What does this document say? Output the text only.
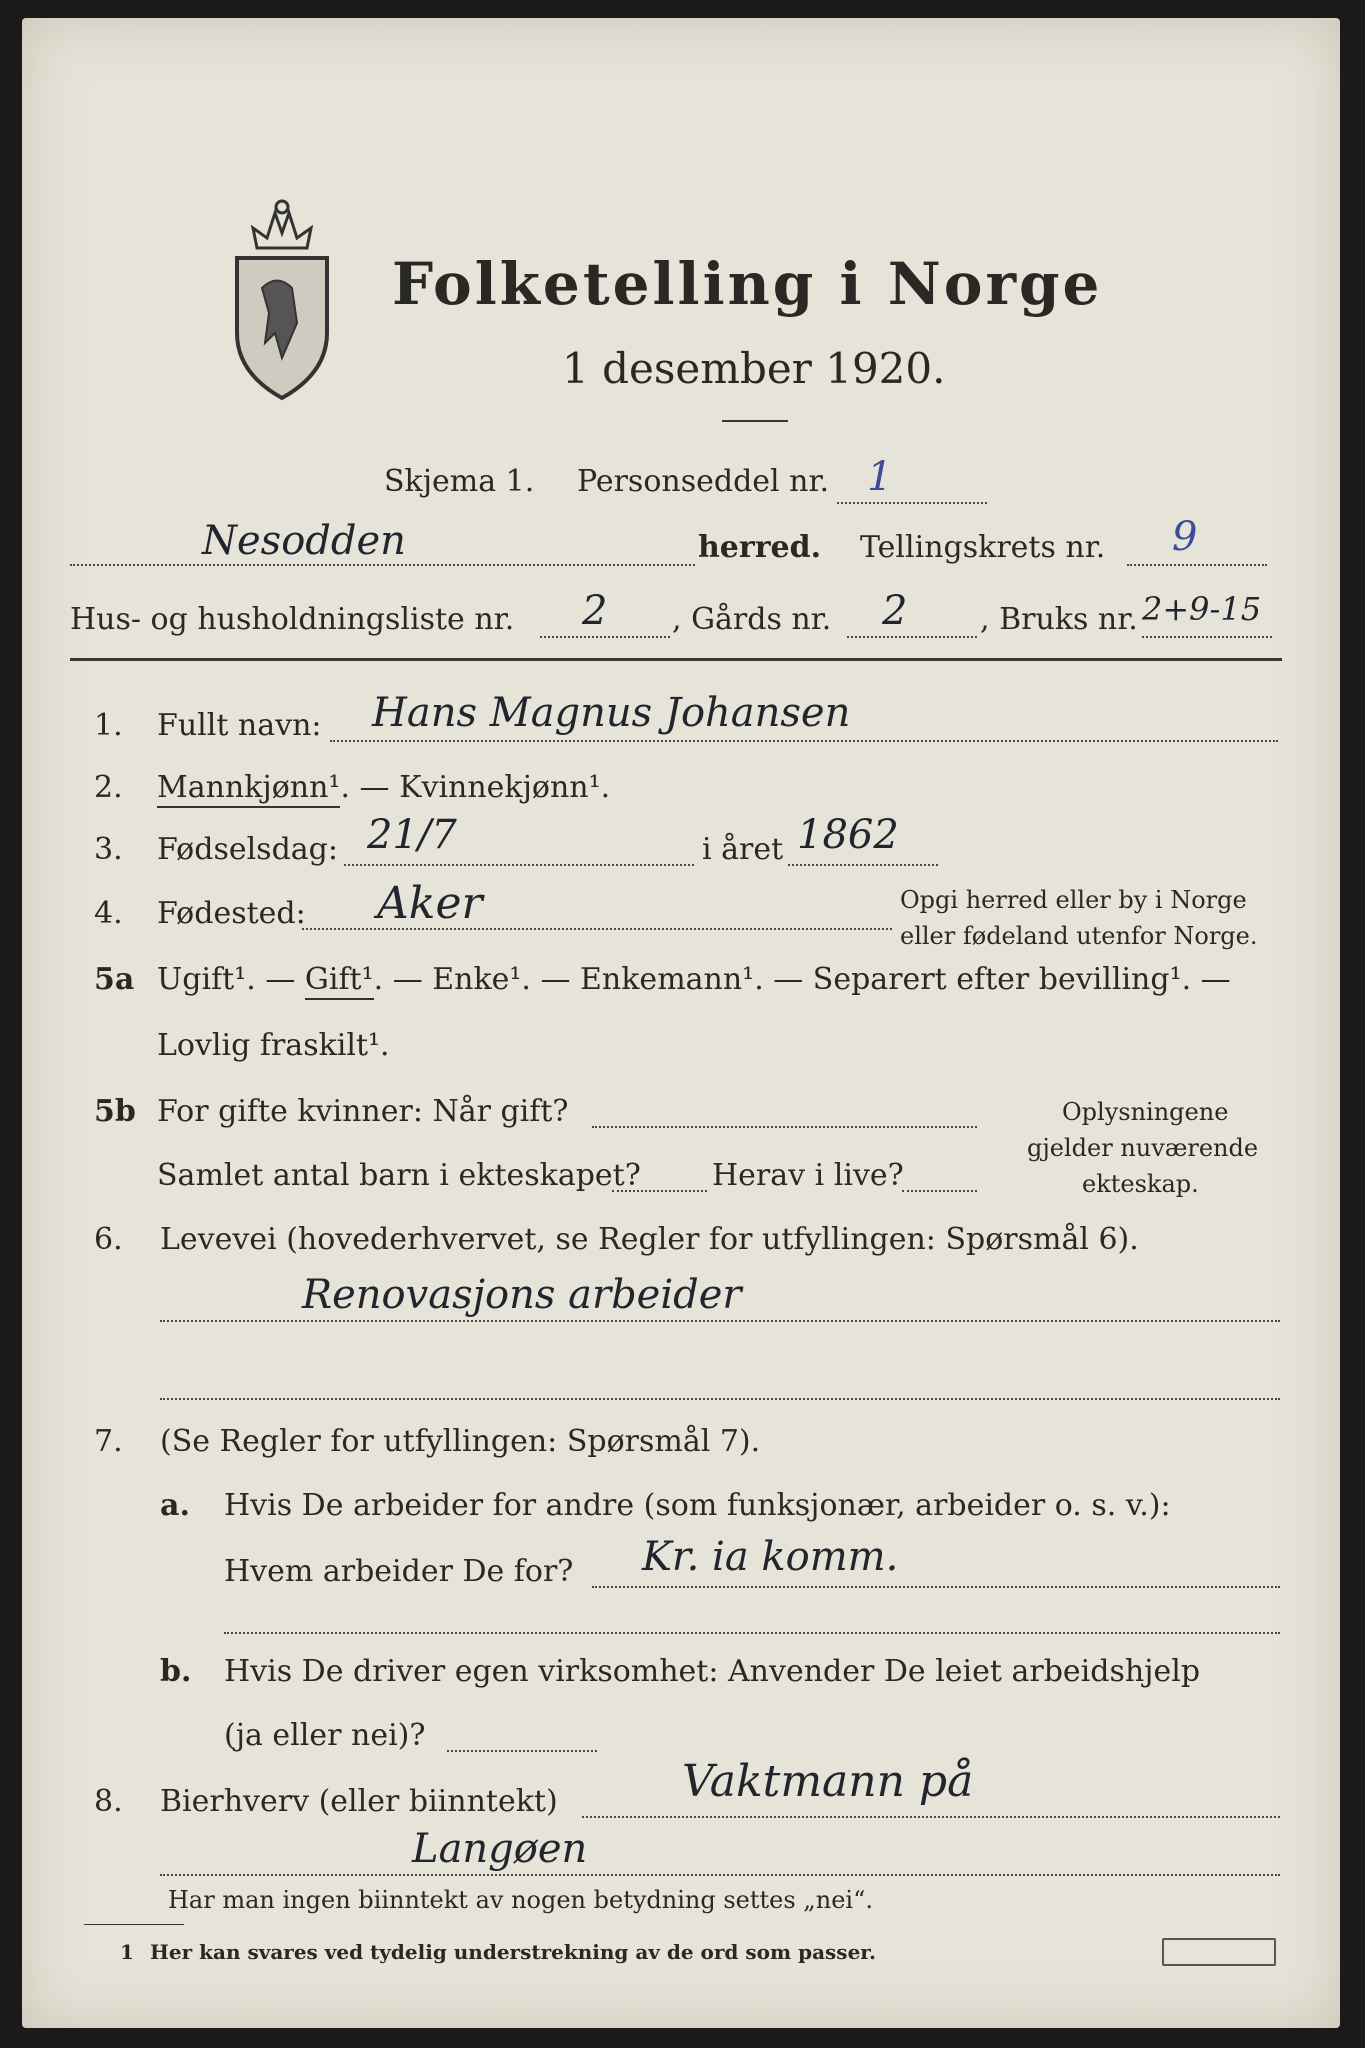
Folketelling i Norge
1 desember 1920.
Skjema 1. Personseddel nr. 1
Nesodden	herred. Tellingskrets nr. 9
Hus- og husholdningsliste nr. 2 , Gårds nr. 2 , Bruks nr. 2+9-15
1. Fullt navn: Hans Magnus Johansen
2. Mannkjønn¹. — Kvinnekjønn¹.
3. Fødselsdag: 21/7	i året 1862
4. Fødested: Aker	Opgi herred eller by i Norge
eller fødeland utenfor Norge.
5a Ugift¹. — Gift¹. — Enke¹. — Enkemann¹. — Separert efter bevilling¹. —
Lovlig fraskilt¹.
5b For gifte kvinner: Når gift?
Samlet antal barn i ekteskapet? Herav i live?
Oplysningene
gjelder nuværende
ekteskap.
6. Levevei (hovederhvervet, se Regler for utfyllingen: Spørsmål 6).
Renovasjons arbeider
7. (Se Regler for utfyllingen: Spørsmål 7).
a. Hvis De arbeider for andre (som funksjonær, arbeider o. s. v.):
Hvem arbeider De for? Kr. ia komm.
b. Hvis De driver egen virksomhet: Anvender De leiet arbeidshjelp
(ja eller nei)?
8. Bierhverv (eller biinntekt)	Vaktmann på
Langøen
Har man ingen biinntekt av nogen betydning settes „nei“.
1 Her kan svares ved tydelig understrekning av de ord som passer.
